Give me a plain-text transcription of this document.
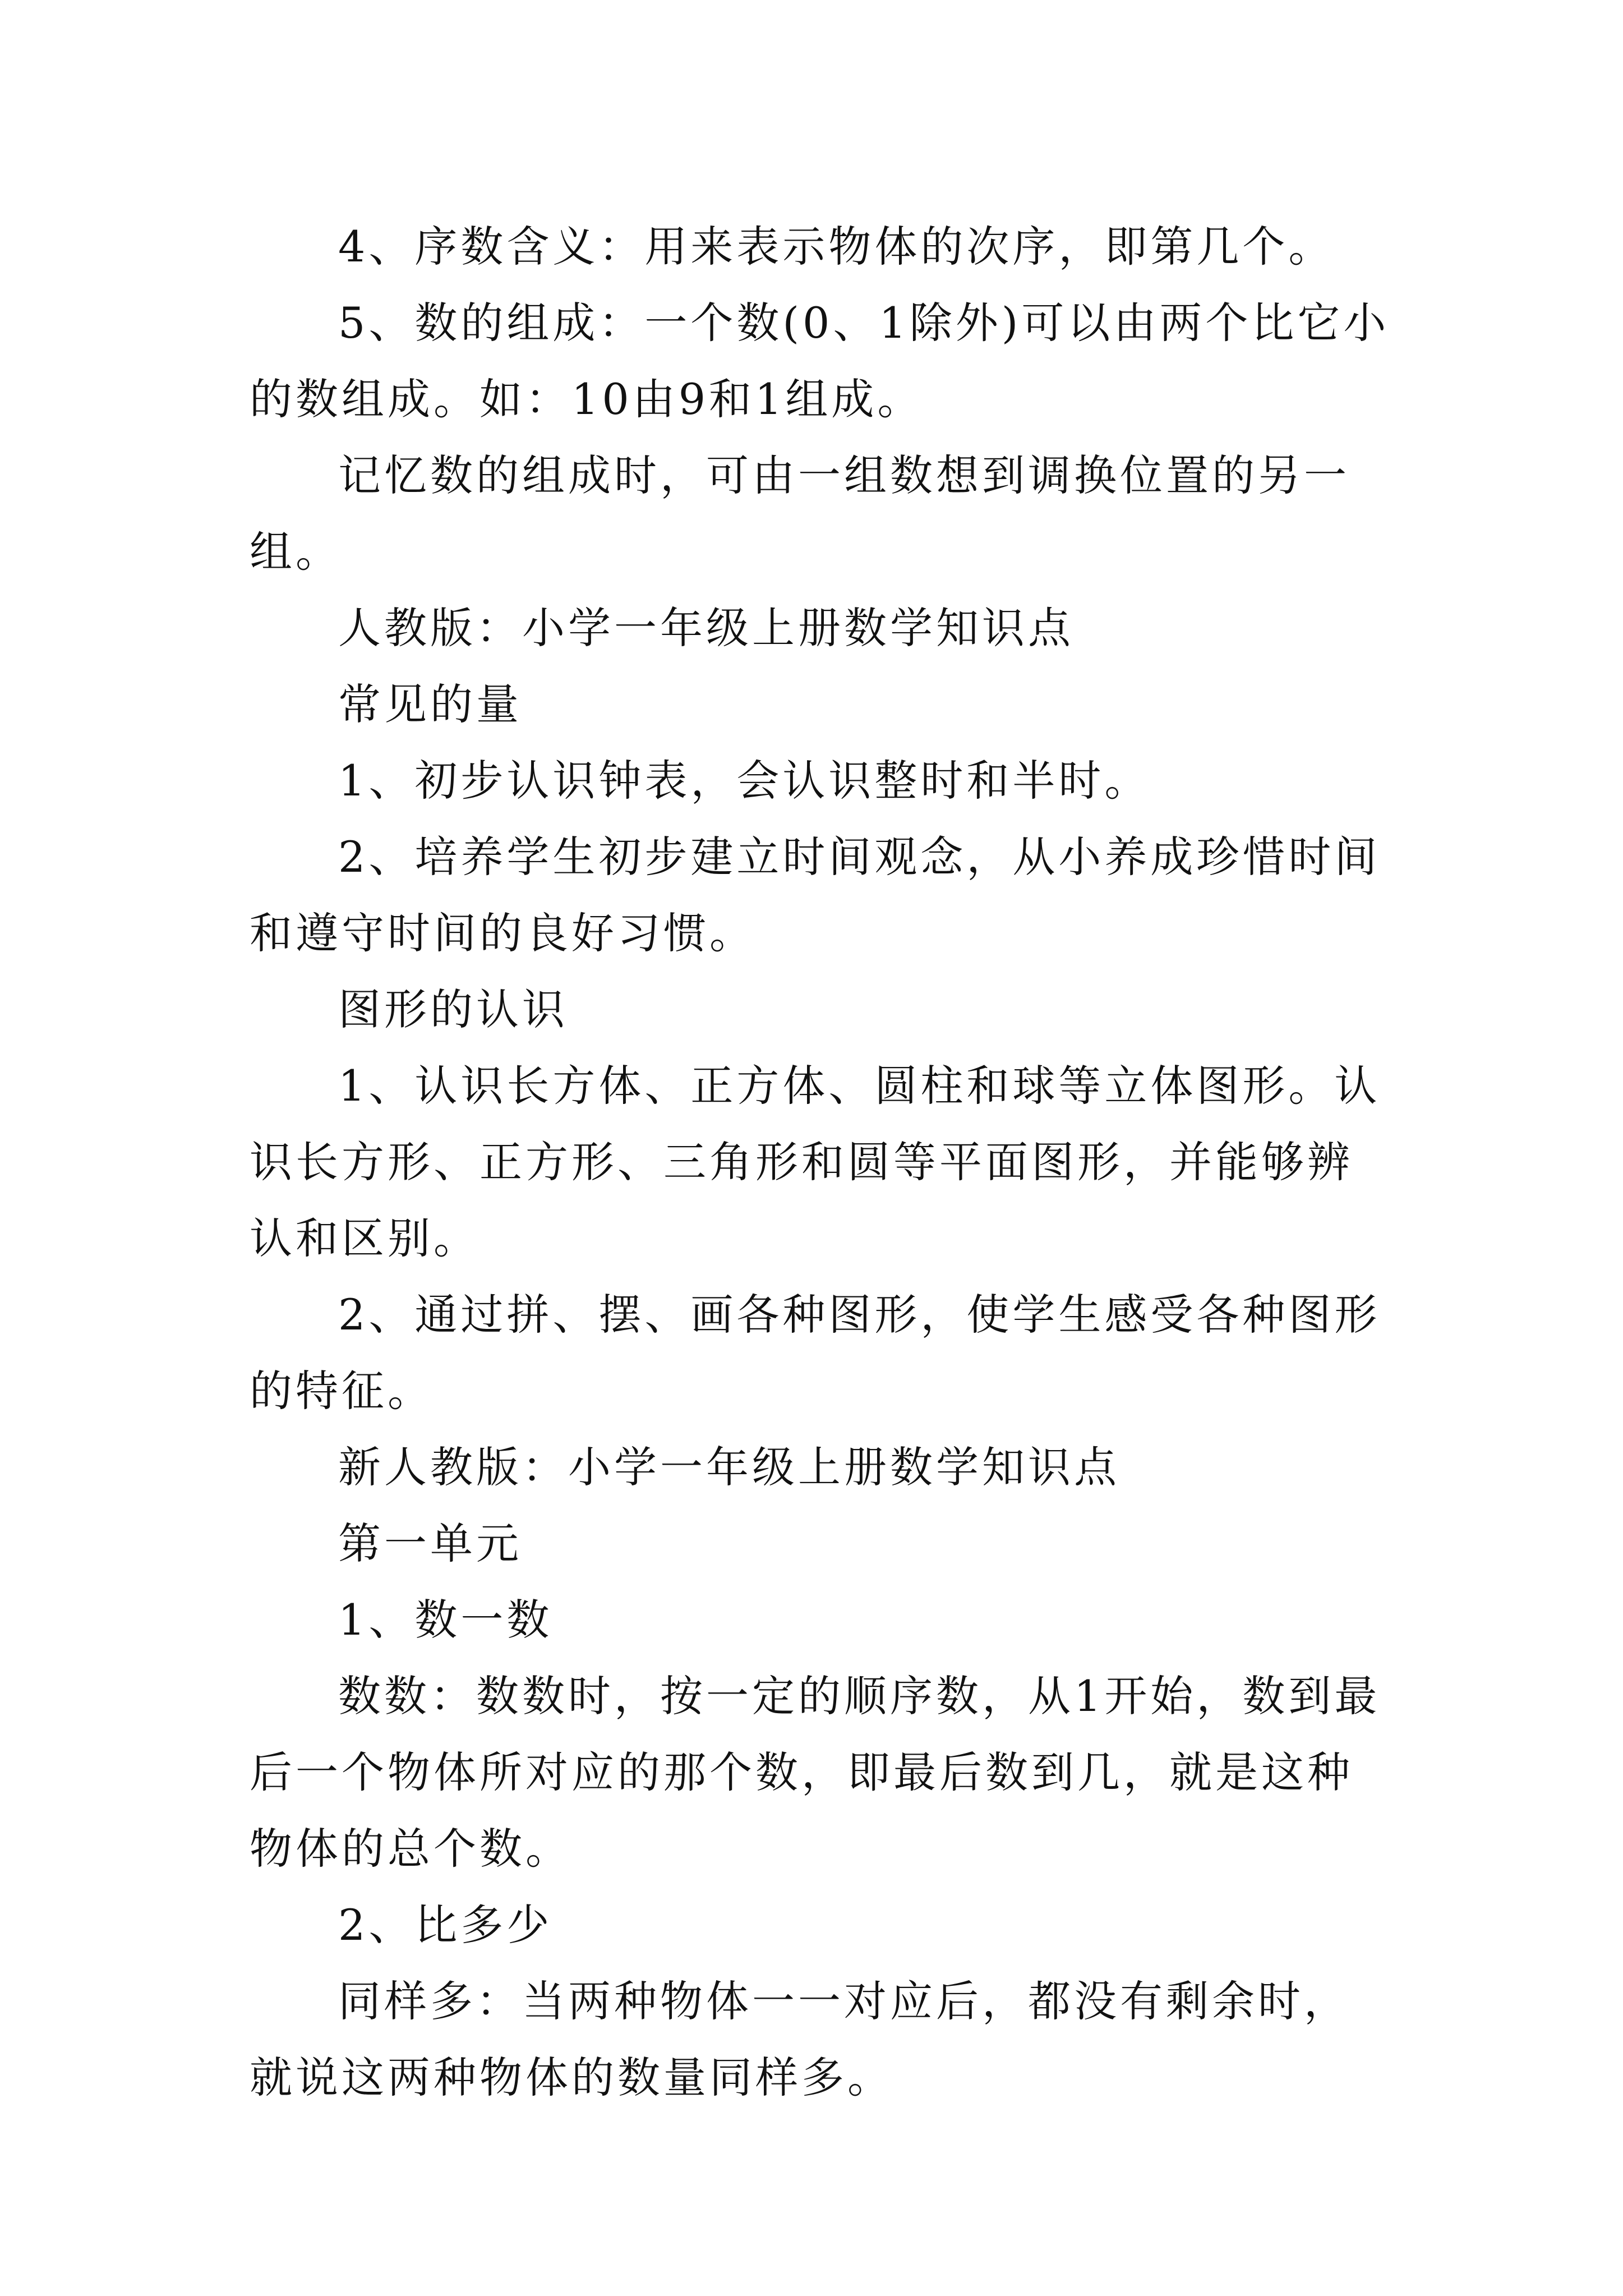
4、序数含义：用来表示物体的次序，即第几个。

5、数的组成：一个数(0、1除外)可以由两个比它小的数组成。如：10由9和1组成。

记忆数的组成时，可由一组数想到调换位置的另一组。

人教版：小学一年级上册数学知识点

常见的量

1、初步认识钟表，会认识整时和半时。

2、培养学生初步建立时间观念，从小养成珍惜时间和遵守时间的良好习惯。

图形的认识

1、认识长方体、正方体、圆柱和球等立体图形。认识长方形、正方形、三角形和圆等平面图形，并能够辨认和区别。

2、通过拼、摆、画各种图形，使学生感受各种图形的特征。

新人教版：小学一年级上册数学知识点

第一单元

1、数一数

数数：数数时，按一定的顺序数，从1开始，数到最后一个物体所对应的那个数，即最后数到几，就是这种物体的总个数。

2、比多少

同样多：当两种物体一一对应后，都没有剩余时，就说这两种物体的数量同样多。
